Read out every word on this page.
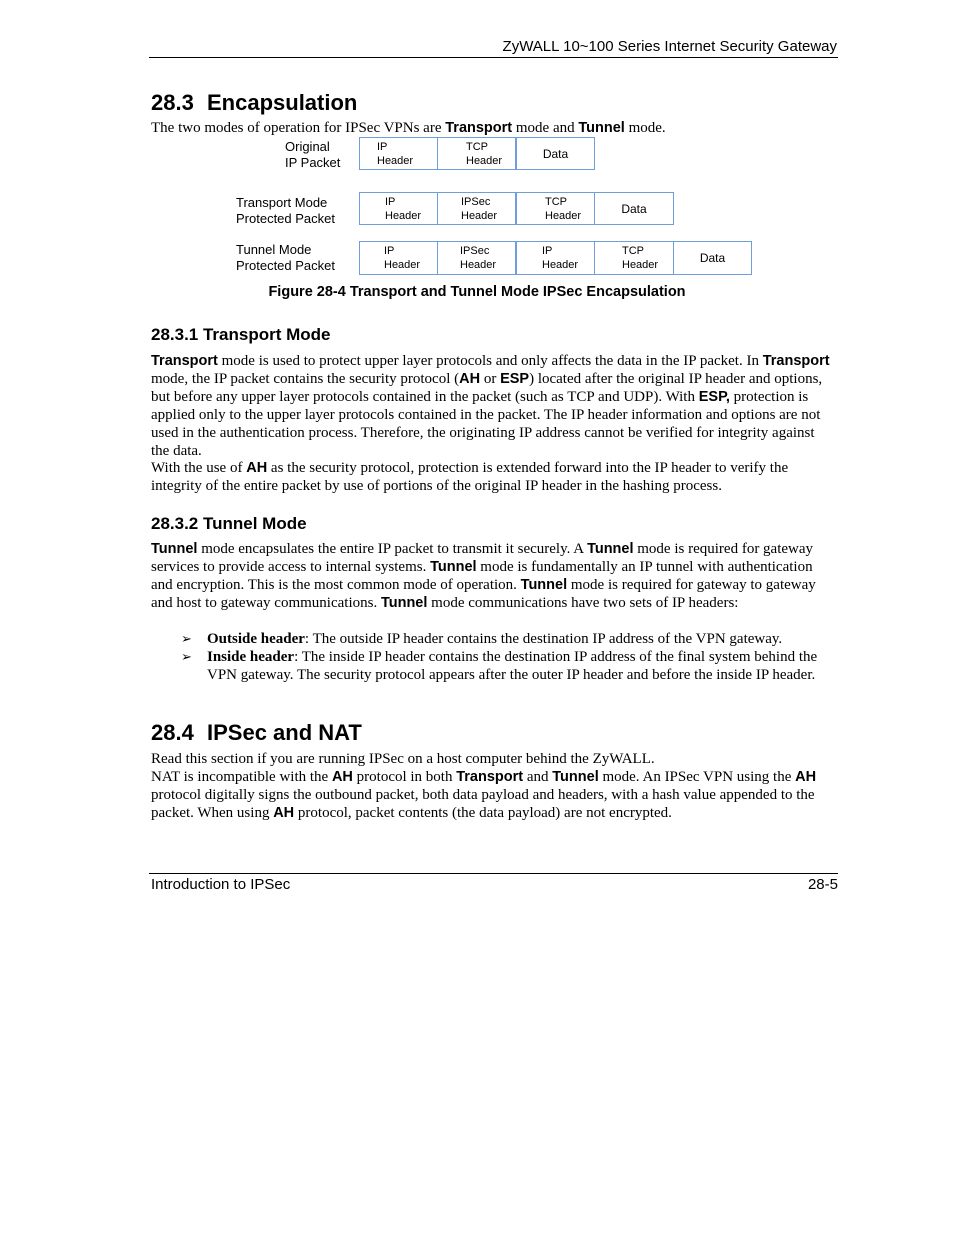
ZyWALL 10~100 Series Internet Security Gateway
28.3 Encapsulation
The two modes of operation for IPSec VPNs are Transport mode and Tunnel mode.
Original
IP Packet
IP
Header
TCP
Header
Data
Transport Mode
Protected Packet
IP
Header
IPSec
Header
TCP
Header
Data
Tunnel Mode
Protected Packet
IP
Header
IPSec
Header
IP
Header
TCP
Header	Data
Figure 28-4 Transport and Tunnel Mode IPSec Encapsulation
28.3.1 Transport Mode
Transport mode is used to protect upper layer protocols and only affects the data in the IP packet. In Transport mode, the IP packet contains the security protocol (AH or ESP) located after the original IP header and options, but before any upper layer protocols contained in the packet (such as TCP and UDP). With ESP, protection is applied only to the upper layer protocols contained in the packet. The IP header information and options are not used in the authentication process. Therefore, the originating IP address cannot be verified for integrity against the data.
With the use of AH as the security protocol, protection is extended forward into the IP header to verify the integrity of the entire packet by use of portions of the original IP header in the hashing process.
28.3.2 Tunnel Mode
Tunnel mode encapsulates the entire IP packet to transmit it securely. A Tunnel mode is required for gateway services to provide access to internal systems. Tunnel mode is fundamentally an IP tunnel with authentication and encryption. This is the most common mode of operation. Tunnel mode is required for gateway to gateway and host to gateway communications. Tunnel mode communications have two sets of IP headers:
➢ Outside header: The outside IP header contains the destination IP address of the VPN gateway.
➢ Inside header: The inside IP header contains the destination IP address of the final system behind the VPN gateway. The security protocol appears after the outer IP header and before the inside IP header.
28.4 IPSec and NAT
Read this section if you are running IPSec on a host computer behind the ZyWALL.
NAT is incompatible with the AH protocol in both Transport and Tunnel mode. An IPSec VPN using the AH protocol digitally signs the outbound packet, both data payload and headers, with a hash value appended to the packet. When using AH protocol, packet contents (the data payload) are not encrypted.
Introduction to IPSec	28-5
